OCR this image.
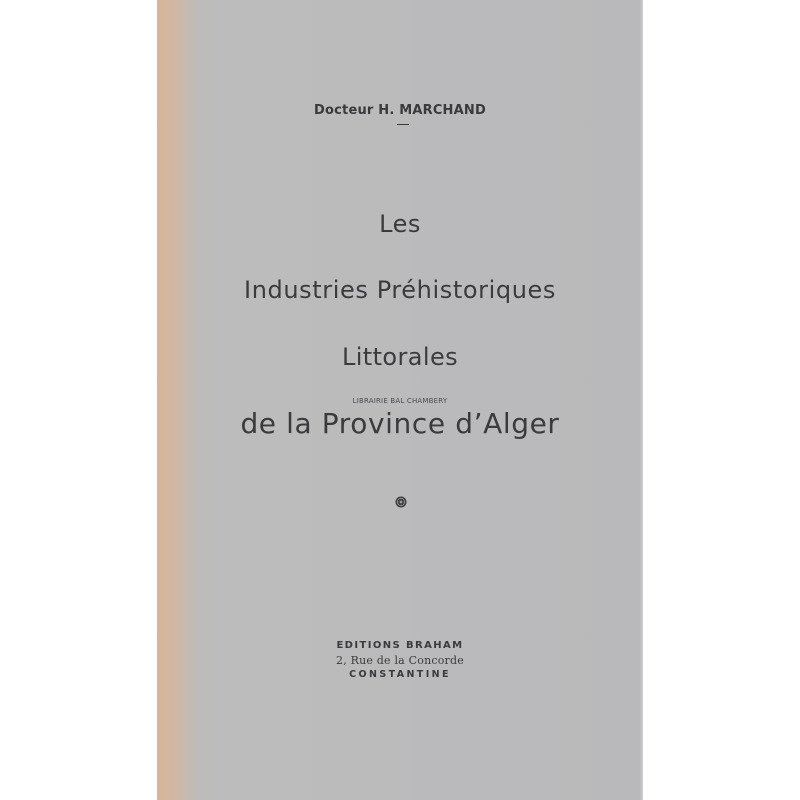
Docteur H. MARCHAND
Les
Industries Préhistoriques
Littorales
LIBRAIRIE BAL CHAMBERY
de la Province d’Alger
EDITIONS BRAHAM
2, Rue de la Concorde
CONSTANTINE
